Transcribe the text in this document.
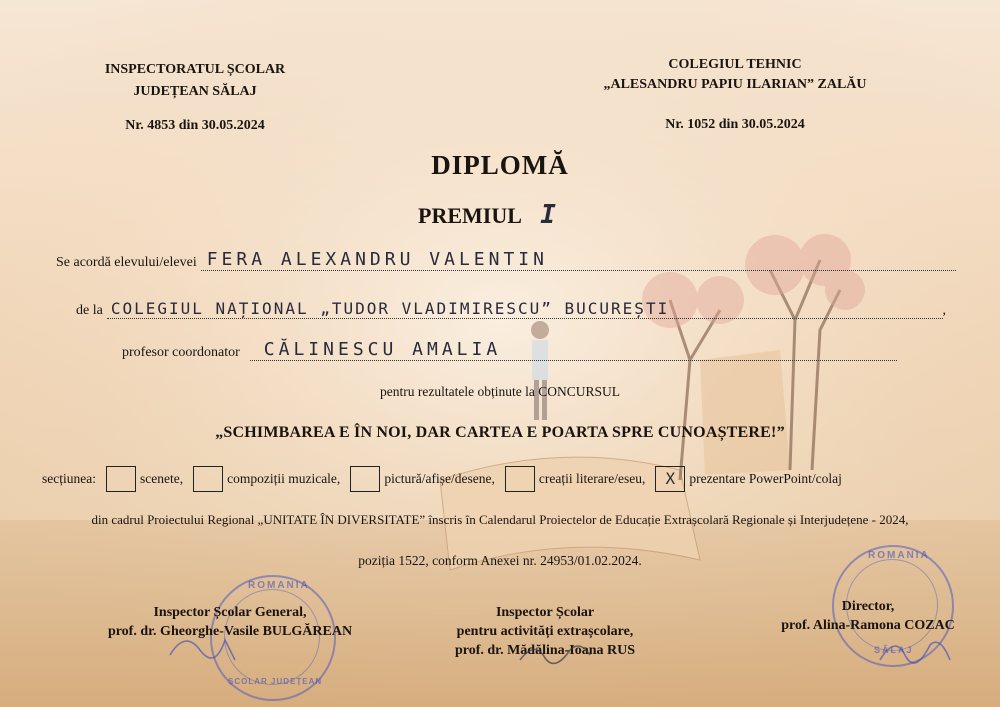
INSPECTORATUL ȘCOLAR
JUDEȚEAN SĂLAJ
Nr. 4853 din 30.05.2024
COLEGIUL TEHNIC
„ALESANDRU PAPIU ILARIAN” ZALĂU
Nr. 1052 din 30.05.2024
DIPLOMĂ
PREMIUL I
Se acordă elevului/elevei FERA ALEXANDRU VALENTIN
de la COLEGIUL NAȚIONAL „TUDOR VLADIMIRESCU” BUCUREȘTI	,
profesor coordonator CĂLINESCU AMALIA
pentru rezultatele obținute la CONCURSUL
„SCHIMBAREA E ÎN NOI, DAR CARTEA E POARTA SPRE CUNOAȘTERE!”
secțiunea:	scenete,	compoziții muzicale,	pictură/afișe/desene,	creații literare/eseu,	X	prezentare PowerPoint/colaj
din cadrul Proiectului Regional „UNITATE ÎN DIVERSITATE” înscris în Calendarul Proiectelor de Educație Extrașcolară Regionale și Interjudețene - 2024,
poziția 1522, conform Anexei nr. 24953/01.02.2024.
ROMANIA
ȘCOLAR JUDEȚEAN
ROMANIA
SĂLAJ
Inspector Școlar General,
prof. dr. Gheorghe-Vasile BULGĂREAN
Inspector Școlar
pentru activități extrașcolare,
prof. dr. Mădălina-Ioana RUS
Director,
prof. Alina-Ramona COZAC
